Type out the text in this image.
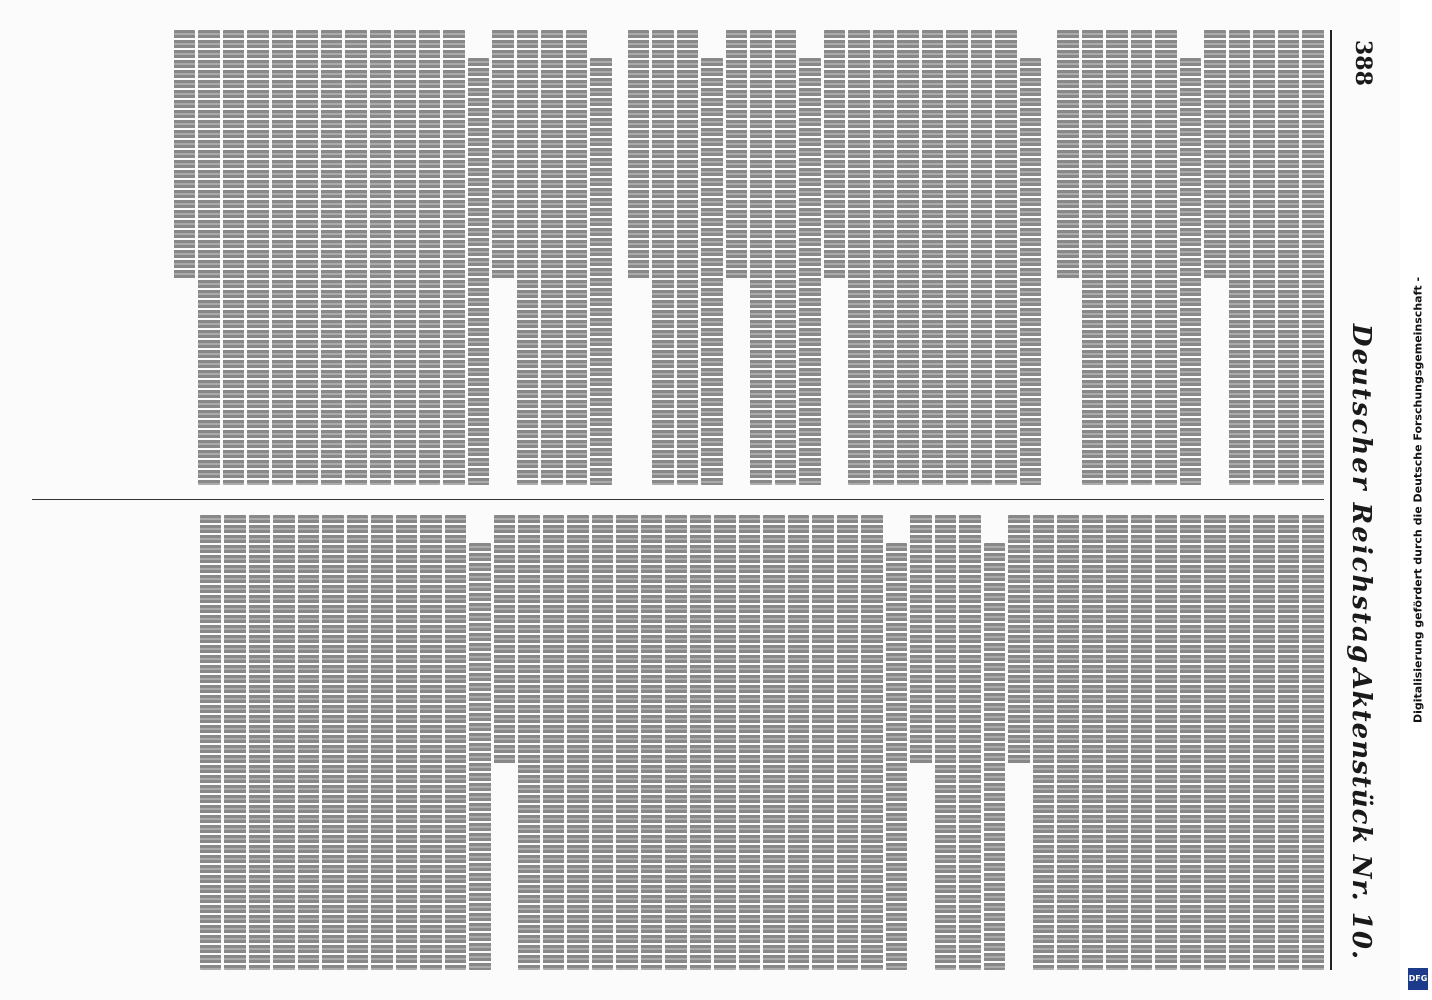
388
Deutscher Reichstag.
Aktenstück Nr. 10.
Digitalisierung gefördert durch die Deutsche Forschungsgemeinschaft -
DFG
